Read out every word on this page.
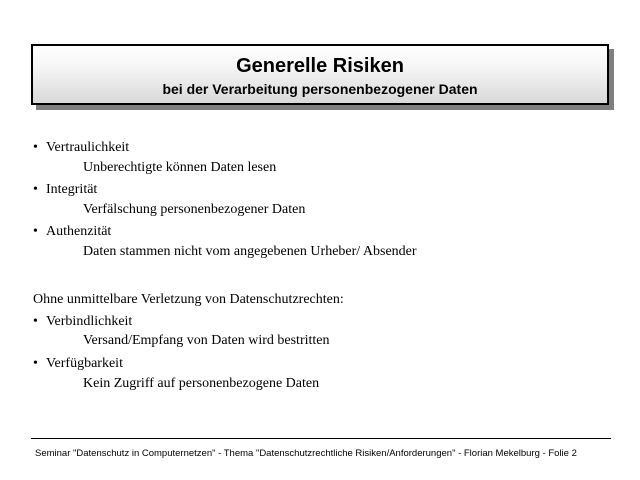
Generelle Risiken
bei der Verarbeitung personenbezogener Daten
• Vertraulichkeit
Unberechtigte können Daten lesen
• Integrität
Verfälschung personenbezogener Daten
• Authenzität
Daten stammen nicht vom angegebenen Urheber/ Absender
Ohne unmittelbare Verletzung von Datenschutzrechten:
• Verbindlichkeit
Versand/Empfang von Daten wird bestritten
• Verfügbarkeit
Kein Zugriff auf personenbezogene Daten
Seminar "Datenschutz in Computernetzen" - Thema "Datenschutzrechtliche Risiken/Anforderungen" - Florian Mekelburg - Folie 2
